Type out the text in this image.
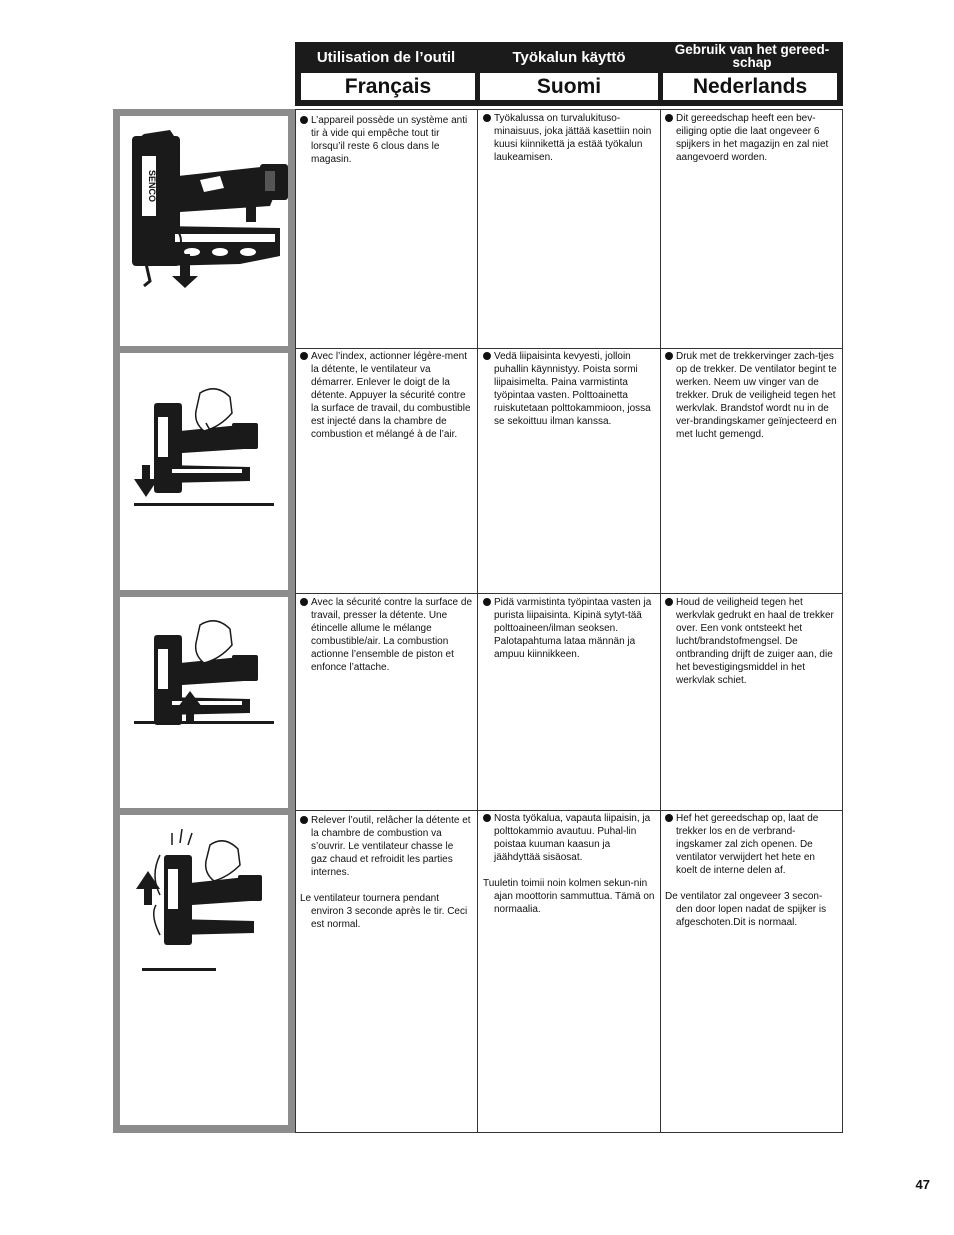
Utilisation de l’outil
Français
Työkalun käyttö
Suomi
Gebruik van het gereed-schap
Nederlands
SENCO

L’appareil possède un système anti tir à vide qui empêche tout tir lorsqu’il reste 6 clous dans le magasin.

Työkalussa on turvalukituso-minaisuus, joka jättää kasettiin noin kuusi kiinnikettä ja estää työkalun laukeamisen.

Dit gereedschap heeft een bev-eiliging optie die laat ongeveer 6 spijkers in het magazijn en zal niet aangevoerd worden.

Avec l’index, actionner légère-ment la détente, le ventilateur va démarrer. Enlever le doigt de la détente. Appuyer la sécurité contre la surface de travail, du combustible est injecté dans la chambre de combustion et mélangé à de l’air.

Vedä liipaisinta kevyesti, jolloin puhallin käynnistyy. Poista sormi liipaisimelta. Paina varmistinta työpintaa vasten. Polttoainetta ruiskutetaan polttokammioon, jossa se sekoittuu ilman kanssa.

Druk met de trekkervinger zach-tjes op de trekker. De ventilator begint te werken. Neem uw vinger van de trekker. Druk de veiligheid tegen het werkvlak. Brandstof wordt nu in de ver-brandingskamer geïnjecteerd en met lucht gemengd.

Avec la sécurité contre la surface de travail, presser la détente. Une étincelle allume le mélange combustible/air. La combustion actionne l’ensemble de piston et enfonce l’attache.

Pidä varmistinta työpintaa vasten ja purista liipaisinta. Kipinä sytyt-tää polttoaineen/ilman seoksen. Palotapahtuma lataa männän ja ampuu kiinnikkeen.

Houd de veiligheid tegen het werkvlak gedrukt en haal de trekker over. Een vonk ontsteekt het lucht/brandstofmengsel. De ontbranding drijft de zuiger aan, die het bevestigingsmiddel in het werkvlak schiet.

Relever l’outil, relâcher la détente et la chambre de combustion va s’ouvrir. Le ventilateur chasse le gaz chaud et refroidit les parties internes.

Le ventilateur tournera pendant environ 3 seconde après le tir. Ceci est normal.

Nosta työkalua, vapauta liipaisin, ja polttokammio avautuu. Puhal-lin poistaa kuuman kaasun ja jäähdyttää sisäosat.

Tuuletin toimii noin kolmen sekun-nin ajan moottorin sammuttua. Tämä on normaalia.

Hef het gereedschap op, laat de trekker los en de verbrand-ingskamer zal zich openen. De ventilator verwijdert het hete en koelt de interne delen af.

De ventilator zal ongeveer 3 secon-den door lopen nadat de spijker is afgeschoten.Dit is normaal.

47
